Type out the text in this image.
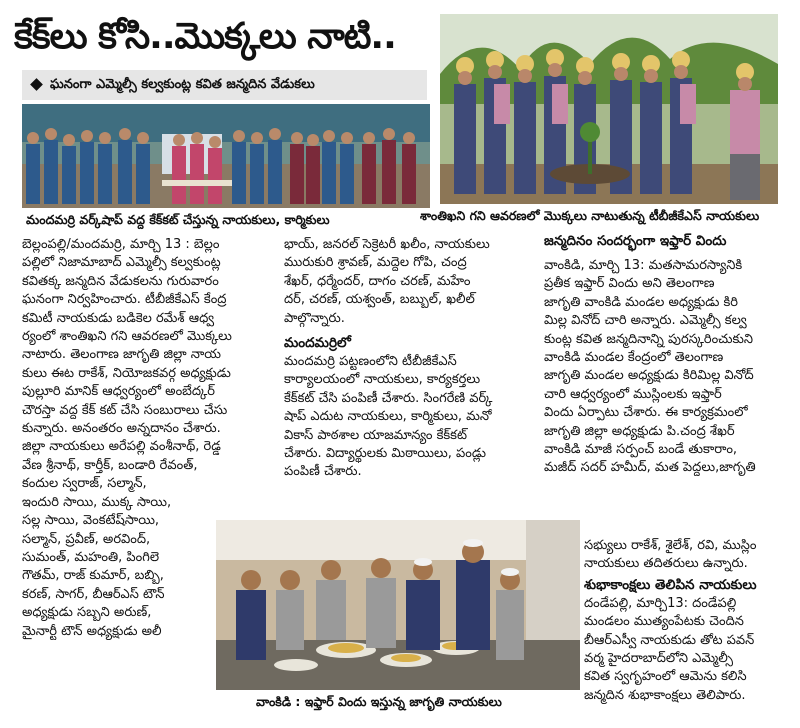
కేక్‌లు కోసి..మొక్కలు నాటి..
ఘనంగా ఎమ్మెల్సీ కల్వకుంట్ల కవిత జన్మదిన వేడుకలు
మందమర్రి వర్క్‌షాప్ వద్ద కేక్‌కట్ చేస్తున్న నాయకులు, కార్మికులు	శాంతిఖని గని ఆవరణలో మొక్కలు నాటుతున్న టీబీజీకేఎస్ నాయకులు

బెల్లంపల్లి/మందమర్రి, మార్చి 13 : బెల్లం

పల్లిలో నిజామాబాద్ ఎమ్మెల్సీ కల్వకుంట్ల

కవితక్క జన్మదిన వేడుకలను గురువారం

ఘనంగా నిర్వహించారు. టీబీజీకేఎస్ కేంద్ర

కమిటీ నాయకుడు బడికెల రమేశ్ ఆధ్వ

ర్యంలో శాంతిఖని గని ఆవరణలో మొక్కలు

నాటారు. తెలంగాణ జాగృతి జిల్లా నాయ

కులు ఈట రాకేశ్, నియోజకవర్గ అధ్యక్షుడు

పుల్లూరి మానిక్ ఆధ్వర్యంలో అంబేద్కర్

చౌరస్తా వద్ద కేక్ కట్ చేసి సంబురాలు చేసు

కున్నారు. అనంతరం అన్నదానం చేశారు.

జిల్లా నాయకులు అరేపల్లి వంశీనాథ్, రెడ్డ

వేణ శ్రీనాథ్, కార్తీక్, బండారి రేవంత్,

కందుల స్వరాజ్, సల్మాన్,

ఇందురి సాయి, ముక్క సాయి,

సల్ల సాయి, వెంకటేష్‌సాయి,

సల్మాన్, ప్రవీణ్, అరవింద్,

సుమంత్, మహంతి, పింగిలె

గౌతమ్, రాజ్ కుమార్, బబ్బి,

కరణ్, సాగర్, బీఆర్ఎస్ టౌన్

అధ్యక్షుడు సబ్బని అరుణ్,

మైనార్టీ టౌన్ అధ్యక్షుడు అలీ

భాయ్, జనరల్ సెక్రెటరీ ఖలీం, నాయకులు

మురుకురి శ్రావణ్, మద్దెల గోపి, చంద్ర

శేఖర్, ధర్మేందర్, దాగం చరణ్, మహేం

దర్, చరణ్, యశ్వంత్, బబ్బుల్, ఖలీల్

పాల్గొన్నారు.

మందమర్రిలో

మందమర్రి పట్టణంలోని టీబీజీకేఎస్

కార్యాలయంలో నాయకులు, కార్యకర్తలు

కేక్‌కట్ చేసి పంపిణీ చేశారు. సింగరేణి వర్క్

షాప్ ఎదుట నాయకులు, కార్మికులు, మనో

వికాస్ పాఠశాల యాజమాన్యం కేక్‌కట్

చేశారు. విద్యార్థులకు మిఠాయిలు, పండ్లు

పంపిణీ చేశారు.

జన్మదినం సందర్భంగా ఇఫ్తార్ విందు

వాంకిడి, మార్చి 13: మతసామరస్యానికి

ప్రతీక ఇఫ్తార్ విందు అని తెలంగాణ

జాగృతి వాంకిడి మండల అధ్యక్షుడు కిరి

మిల్ల వినోద్ చారి అన్నారు. ఎమ్మెల్సీ కల్వ

కుంట్ల కవిత జన్మదినాన్ని పురస్కరించుకుని

వాంకిడి మండల కేంద్రంలో తెలంగాణ

జాగృతి మండల అధ్యక్షుడు కిరిమిల్ల వినోద్

చారి ఆధ్వర్యంలో ముస్లింలకు ఇఫ్తార్

విందు ఏర్పాటు చేశారు. ఈ కార్యక్రమంలో

జాగృతి జిల్లా అధ్యక్షుడు పి.చంద్ర శేఖర్

వాంకిడి మాజీ సర్పంచ్ బండే తుకారాం,

మజీద్ సదర్ హమీద్, మత పెద్దలు,జాగృతి

సభ్యులు రాకేశ్, శైలేశ్, రవి, ముస్లిం

నాయకులు తదితరులు ఉన్నారు.

శుభాకాంక్షలు తెలిపిన నాయకులు

దండేపల్లి, మార్చి13: దండేపల్లి

మండలం ముత్యంపేటకు చెందిన

బీఆర్ఎస్వీ నాయకుడు తోట పవన్

వర్మ హైదరాబాద్‌లోని ఎమ్మెల్సీ

కవిత స్వగృహంలో ఆమెను కలిసి

జన్మదిన శుభాకాంక్షలు తెలిపారు.

వాంకిడి : ఇఫ్తార్ విందు ఇస్తున్న జాగృతి నాయకులు
